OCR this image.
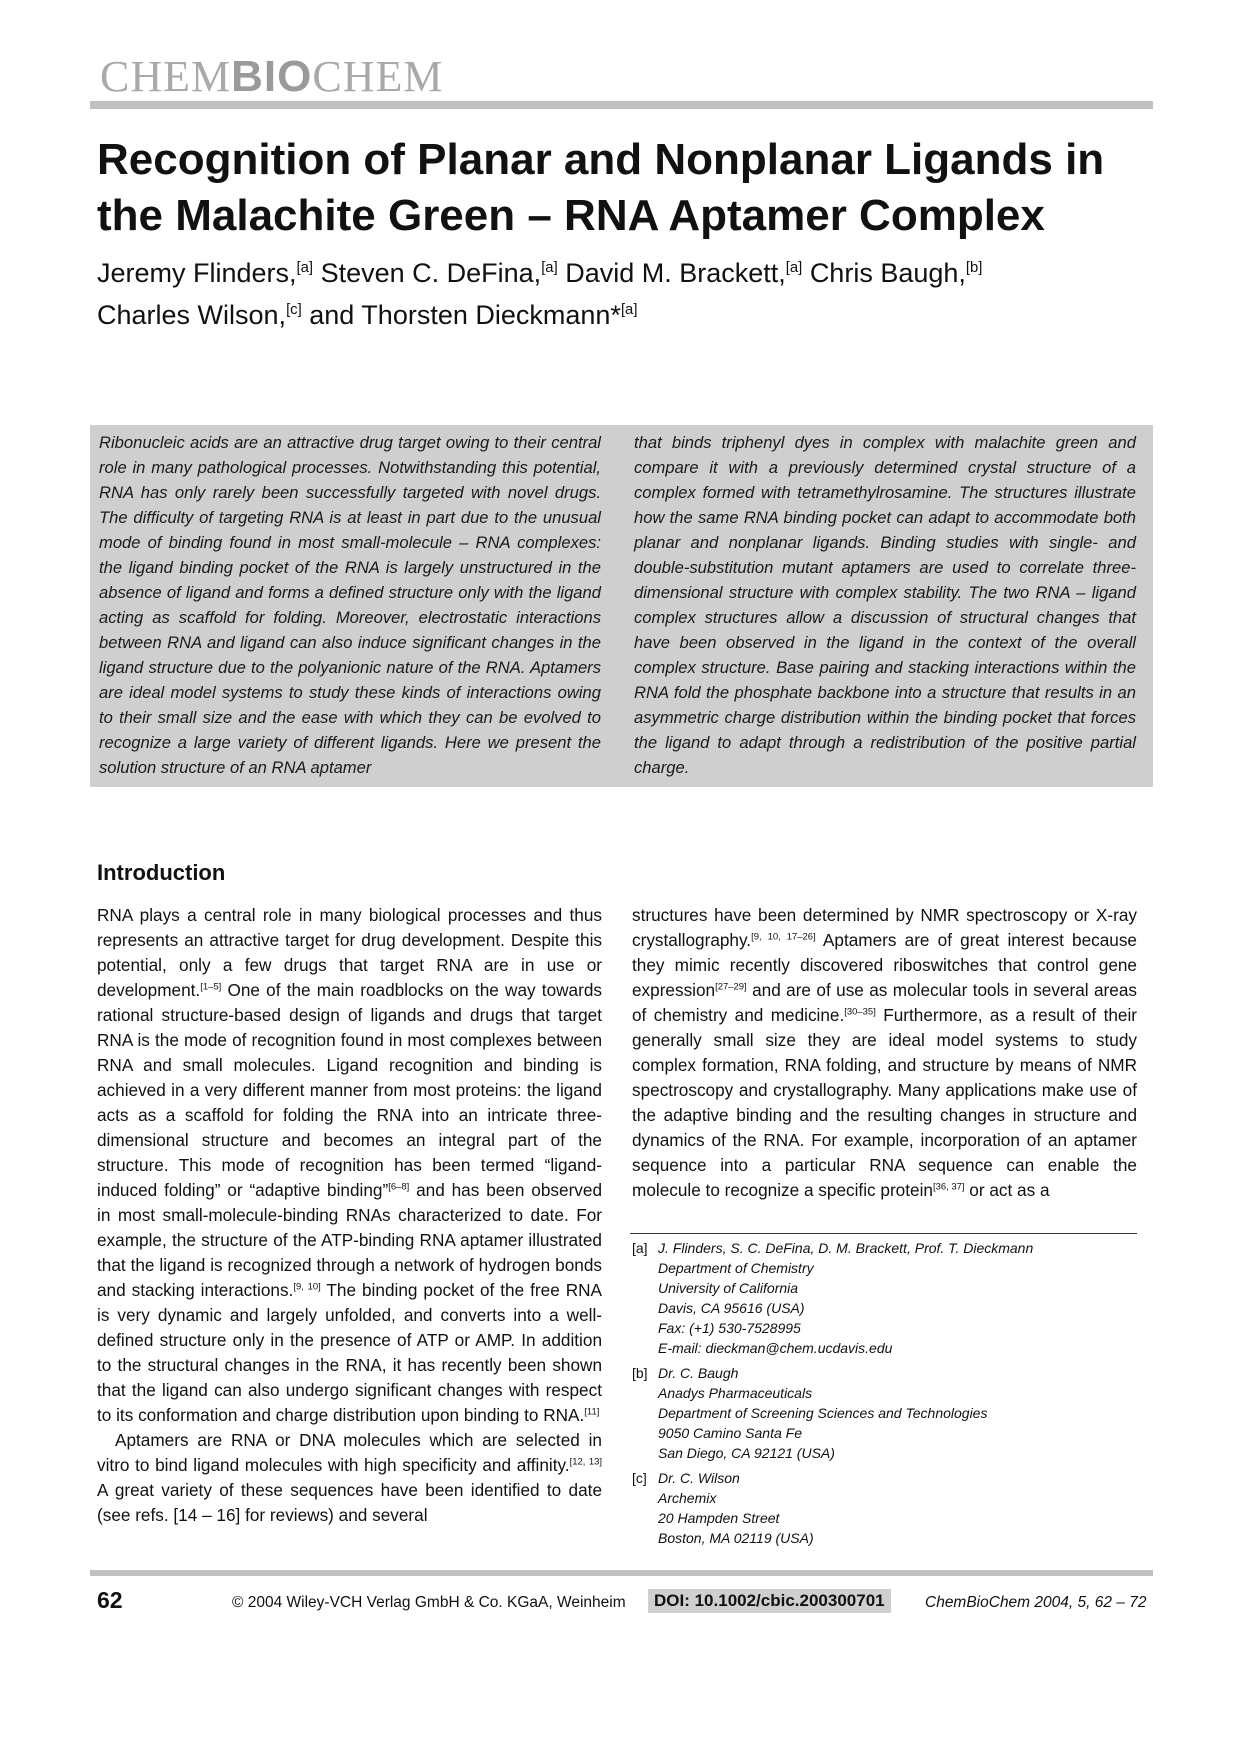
CHEMBIOCHEM
Recognition of Planar and Nonplanar Ligands in
the Malachite Green – RNA Aptamer Complex
Jeremy Flinders,[a] Steven C. DeFina,[a] David M. Brackett,[a] Chris Baugh,[b]
Charles Wilson,[c] and Thorsten Dieckmann*[a]
Ribonucleic acids are an attractive drug target owing to their central role in many pathological processes. Notwithstanding this potential, RNA has only rarely been successfully targeted with novel drugs. The difficulty of targeting RNA is at least in part due to the unusual mode of binding found in most small-molecule – RNA complexes: the ligand binding pocket of the RNA is largely unstructured in the absence of ligand and forms a defined structure only with the ligand acting as scaffold for folding. Moreover, electrostatic interactions between RNA and ligand can also induce significant changes in the ligand structure due to the polyanionic nature of the RNA. Aptamers are ideal model systems to study these kinds of interactions owing to their small size and the ease with which they can be evolved to recognize a large variety of different ligands. Here we present the solution structure of an RNA aptamer
that binds triphenyl dyes in complex with malachite green and compare it with a previously determined crystal structure of a complex formed with tetramethylrosamine. The structures illustrate how the same RNA binding pocket can adapt to accommodate both planar and nonplanar ligands. Binding studies with single- and double-substitution mutant aptamers are used to correlate three-dimensional structure with complex stability. The two RNA – ligand complex structures allow a discussion of structural changes that have been observed in the ligand in the context of the overall complex structure. Base pairing and stacking interactions within the RNA fold the phosphate backbone into a structure that results in an asymmetric charge distribution within the binding pocket that forces the ligand to adapt through a redistribution of the positive partial charge.
Introduction

RNA plays a central role in many biological processes and thus represents an attractive target for drug development. Despite this potential, only a few drugs that target RNA are in use or development.[1–5] One of the main roadblocks on the way towards rational structure-based design of ligands and drugs that target RNA is the mode of recognition found in most complexes between RNA and small molecules. Ligand recognition and binding is achieved in a very different manner from most proteins: the ligand acts as a scaffold for folding the RNA into an intricate three-dimensional structure and becomes an integral part of the structure. This mode of recognition has been termed “ligand-induced folding” or “adaptive binding”[6–8] and has been observed in most small-molecule-binding RNAs characterized to date. For example, the structure of the ATP-binding RNA aptamer illustrated that the ligand is recognized through a network of hydrogen bonds and stacking interactions.[9, 10] The binding pocket of the free RNA is very dynamic and largely unfolded, and converts into a well-defined structure only in the presence of ATP or AMP. In addition to the structural changes in the RNA, it has recently been shown that the ligand can also undergo significant changes with respect to its conformation and charge distribution upon binding to RNA.[11]

Aptamers are RNA or DNA molecules which are selected in vitro to bind ligand molecules with high specificity and affinity.[12, 13] A great variety of these sequences have been identified to date (see refs. [14 – 16] for reviews) and several

structures have been determined by NMR spectroscopy or X-ray crystallography.[9, 10, 17–26] Aptamers are of great interest because they mimic recently discovered riboswitches that control gene expression[27–29] and are of use as molecular tools in several areas of chemistry and medicine.[30–35] Furthermore, as a result of their generally small size they are ideal model systems to study complex formation, RNA folding, and structure by means of NMR spectroscopy and crystallography. Many applications make use of the adaptive binding and the resulting changes in structure and dynamics of the RNA. For example, incorporation of an aptamer sequence into a particular RNA sequence can enable the molecule to recognize a specific protein[36, 37] or act as a

[a] J. Flinders, S. C. DeFina, D. M. Brackett, Prof. T. Dieckmann
Department of Chemistry
University of California
Davis, CA 95616 (USA)
Fax: (+1) 530-7528995
E-mail: dieckman@chem.ucdavis.edu
[b] Dr. C. Baugh
Anadys Pharmaceuticals
Department of Screening Sciences and Technologies
9050 Camino Santa Fe
San Diego, CA 92121 (USA)
[c] Dr. C. Wilson
Archemix
20 Hampden Street
Boston, MA 02119 (USA)
62	© 2004 Wiley-VCH Verlag GmbH & Co. KGaA, Weinheim	DOI: 10.1002/cbic.200300701	ChemBioChem 2004, 5, 62 – 72
